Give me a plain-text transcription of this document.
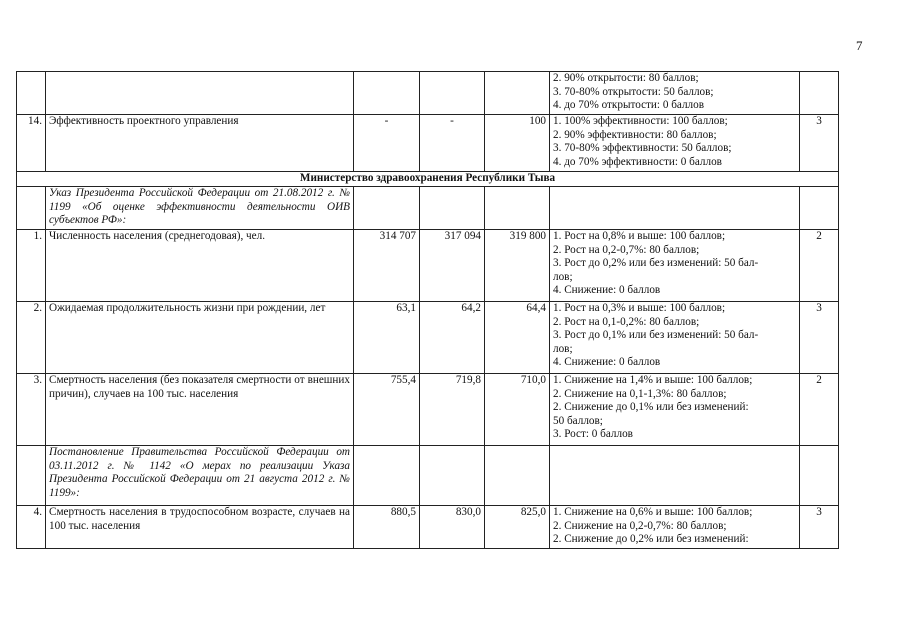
7

					2. 90% открытости: 80 баллов;
3. 70-80% открытости: 50 баллов;
4. до 70% открытости: 0 баллов	

14.	Эффективность проектного управления	-	-	100	1. 100% эффективности: 100 баллов;
2. 90% эффективности: 80 баллов;
3. 70-80% эффективности: 50 баллов;
4. до 70% эффективности: 0 баллов	3
Министерство здравоохранения Республики Тыва						
	Указ Президента Российской Федерации от 21.08.2012 г. № 1199 «Об оценке эффективности деятельности ОИВ субъектов РФ»:					
1.	Численность населения (среднегодовая), чел.	314 707	317 094	319 800	1. Рост на 0,8% и выше: 100 баллов;
2. Рост на 0,2-0,7%: 80 баллов;
3. Рост до 0,2% или без изменений: 50 бал-
лов;
4. Снижение: 0 баллов	2
2.	Ожидаемая продолжительность жизни при рождении, лет	63,1	64,2	64,4	1. Рост на 0,3% и выше: 100 баллов;
2. Рост на 0,1-0,2%: 80 баллов;
3. Рост до 0,1% или без изменений: 50 бал-
лов;
4. Снижение: 0 баллов	3
3.	Смертность населения (без показателя смертности от внешних причин), случаев на 100 тыс. населения	755,4	719,8	710,0	1. Снижение на 1,4% и выше: 100 баллов;
2. Снижение на 0,1-1,3%: 80 баллов;
2. Снижение до 0,1% или без изменений:
50 баллов;
3. Рост: 0 баллов	2
	Постановление Правительства Российской Федерации от 03.11.2012 г. № 1142 «О мерах по реализации Указа Президента Российской Федерации от 21 августа 2012 г. № 1199»:					
4.	Смертность населения в трудоспособном возрасте, случаев на 100 тыс. населения	880,5	830,0	825,0	1. Снижение на 0,6% и выше: 100 баллов;
2. Снижение на 0,2-0,7%: 80 баллов;
2. Снижение до 0,2% или без изменений:	3
